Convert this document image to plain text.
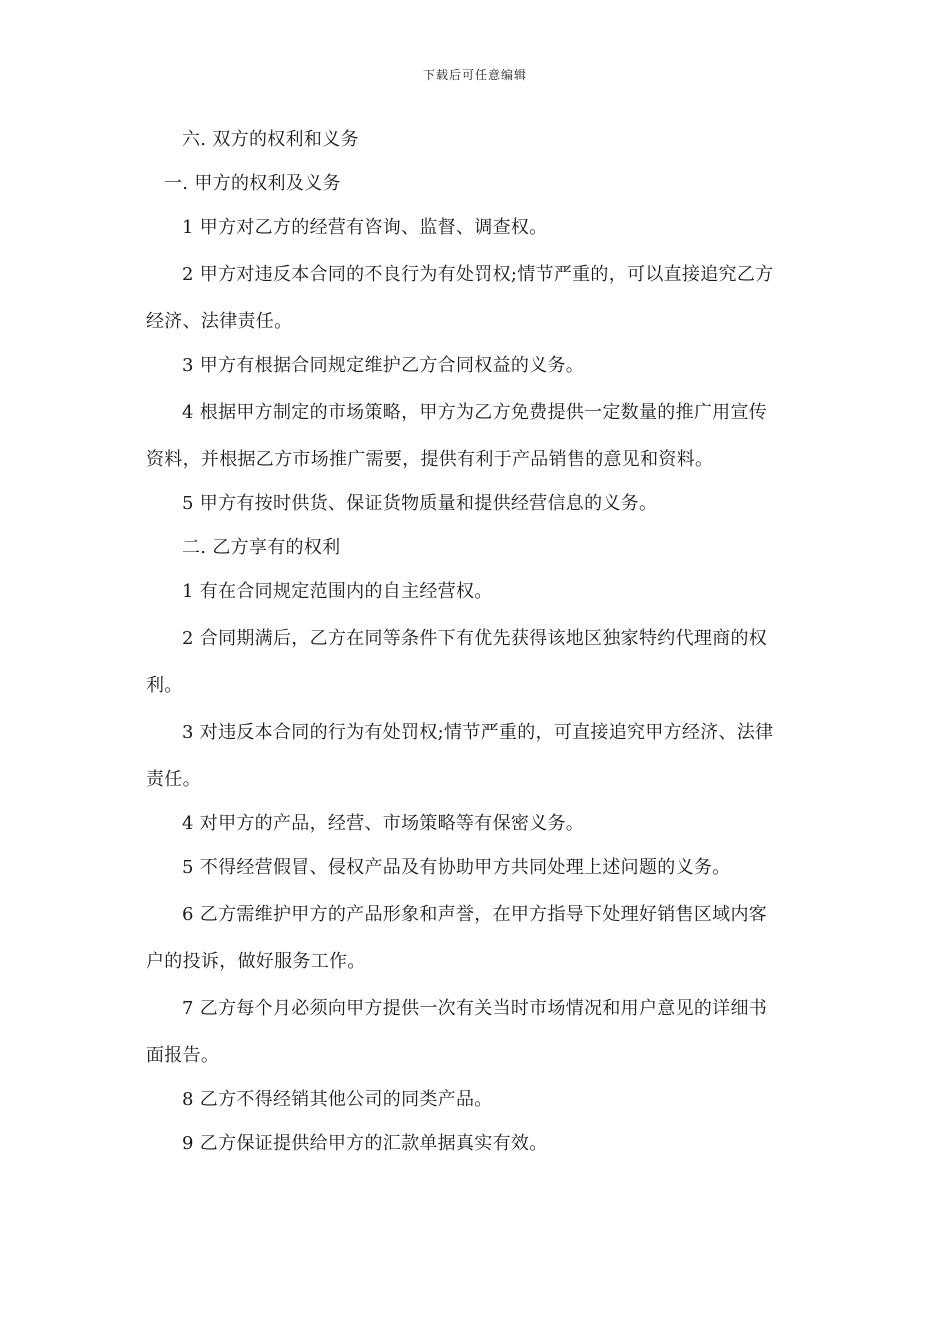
下载后可任意编辑

六. 双方的权利和义务

一. 甲方的权利及义务

1 甲方对乙方的经营有咨询、监督、调查权。

2 甲方对违反本合同的不良行为有处罚权;情节严重的，可以直接追究乙方

经济、法律责任。

3 甲方有根据合同规定维护乙方合同权益的义务。

4 根据甲方制定的市场策略，甲方为乙方免费提供一定数量的推广用宣传

资料，并根据乙方市场推广需要，提供有利于产品销售的意见和资料。

5 甲方有按时供货、保证货物质量和提供经营信息的义务。

二. 乙方享有的权利

1 有在合同规定范围内的自主经营权。

2 合同期满后，乙方在同等条件下有优先获得该地区独家特约代理商的权

利。

3 对违反本合同的行为有处罚权;情节严重的，可直接追究甲方经济、法律

责任。

4 对甲方的产品，经营、市场策略等有保密义务。

5 不得经营假冒、侵权产品及有协助甲方共同处理上述问题的义务。

6 乙方需维护甲方的产品形象和声誉，在甲方指导下处理好销售区域内客

户的投诉，做好服务工作。

7 乙方每个月必须向甲方提供一次有关当时市场情况和用户意见的详细书

面报告。

8 乙方不得经销其他公司的同类产品。

9 乙方保证提供给甲方的汇款单据真实有效。
